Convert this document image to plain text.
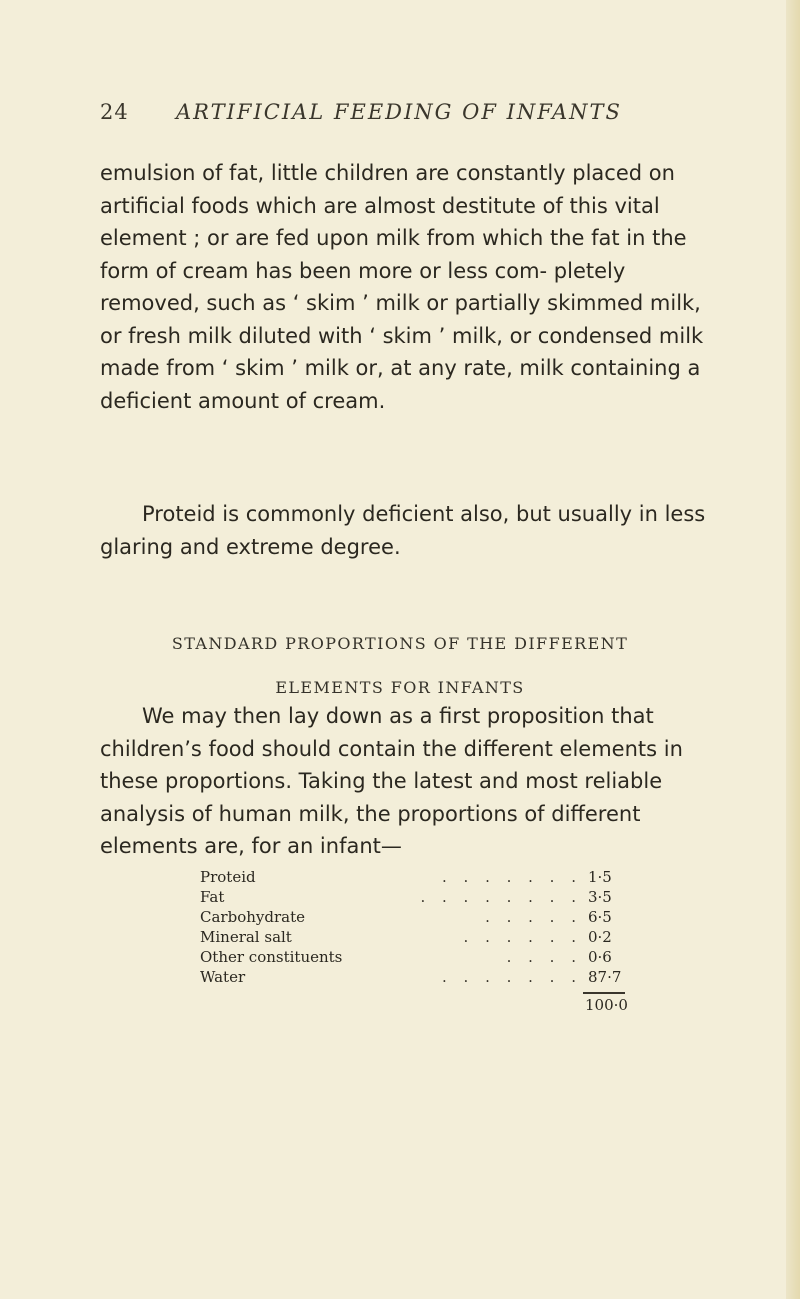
24 ARTIFICIAL FEEDING OF INFANTS
emulsion of fat, little children are constantly placed on artificial foods which are almost destitute of this vital element ; or are fed upon milk from which the fat in the form of cream has been more or less com- pletely removed, such as ‘ skim ’ milk or partially skimmed milk, or fresh milk diluted with ‘ skim ’ milk, or condensed milk made from ‘ skim ’ milk or, at any rate, milk containing a deficient amount of cream.
Proteid is commonly deficient also, but usually in less glaring and extreme degree.
STANDARD PROPORTIONS OF THE DIFFERENT
ELEMENTS FOR INFANTS
We may then lay down as a first proposition that children’s food should contain the different elements in these proportions. Taking the latest and most reliable analysis of human milk, the proportions of different elements are, for an infant—
Proteid	. . . . . . . 1·5
Fat	. . . . . . . . 3·5
Carbohydrate	. . . . . 6·5
Mineral salt	. . . . . . 0·2
Other constituents	. . . . 0·6
Water	. . . . . . . 87·7
100·0
